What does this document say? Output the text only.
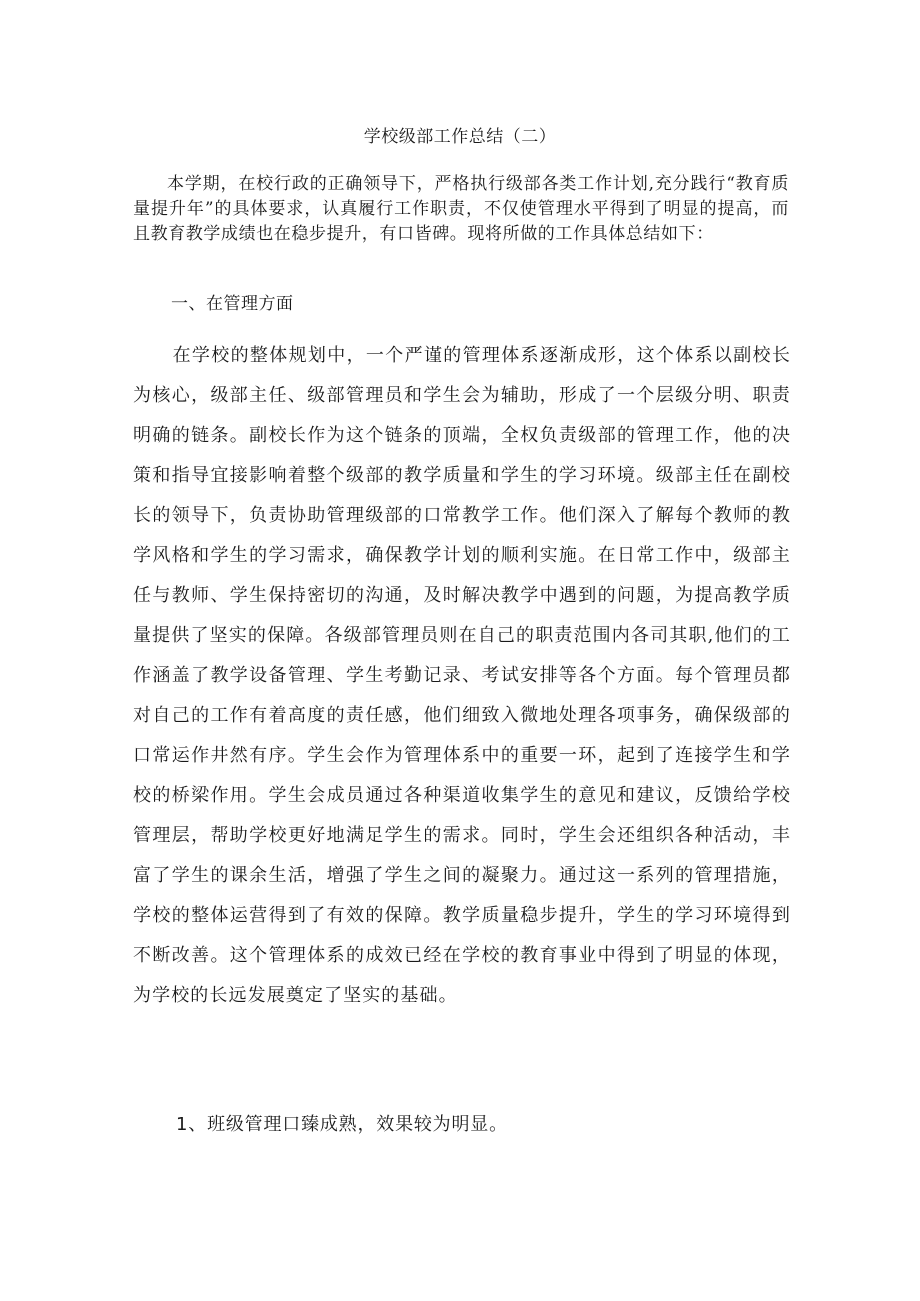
学校级部工作总结（二）

本学期，在校行政的正确领导下，严格执行级部各类工作计划,充分践行“教育质量提升年”的具体要求，认真履行工作职责，不仅使管理水平得到了明显的提高，而且教育教学成绩也在稳步提升，有口皆碑。现将所做的工作具体总结如下：

一、在管理方面

在学校的整体规划中，一个严谨的管理体系逐渐成形，这个体系以副校长为核心，级部主任、级部管理员和学生会为辅助，形成了一个层级分明、职责明确的链条。副校长作为这个链条的顶端，全权负责级部的管理工作，他的决策和指导宜接影响着整个级部的教学质量和学生的学习环境。级部主任在副校长的领导下，负责协助管理级部的口常教学工作。他们深入了解每个教师的教学风格和学生的学习需求，确保教学计划的顺利实施。在日常工作中，级部主任与教师、学生保持密切的沟通，及时解决教学中遇到的问题，为提高教学质量提供了坚实的保障。各级部管理员则在自己的职责范围内各司其职,他们的工作涵盖了教学设备管理、学生考勤记录、考试安排等各个方面。每个管理员都对自己的工作有着高度的责任感，他们细致入微地处理各项事务，确保级部的口常运作井然有序。学生会作为管理体系中的重要一环，起到了连接学生和学校的桥梁作用。学生会成员通过各种渠道收集学生的意见和建议，反馈给学校管理层，帮助学校更好地满足学生的需求。同时，学生会还组织各种活动，丰富了学生的课余生活，增强了学生之间的凝聚力。通过这一系列的管理措施，学校的整体运营得到了有效的保障。教学质量稳步提升，学生的学习环境得到不断改善。这个管理体系的成效已经在学校的教育事业中得到了明显的体现，为学校的长远发展奠定了坚实的基础。

1、班级管理口臻成熟，效果较为明显。
